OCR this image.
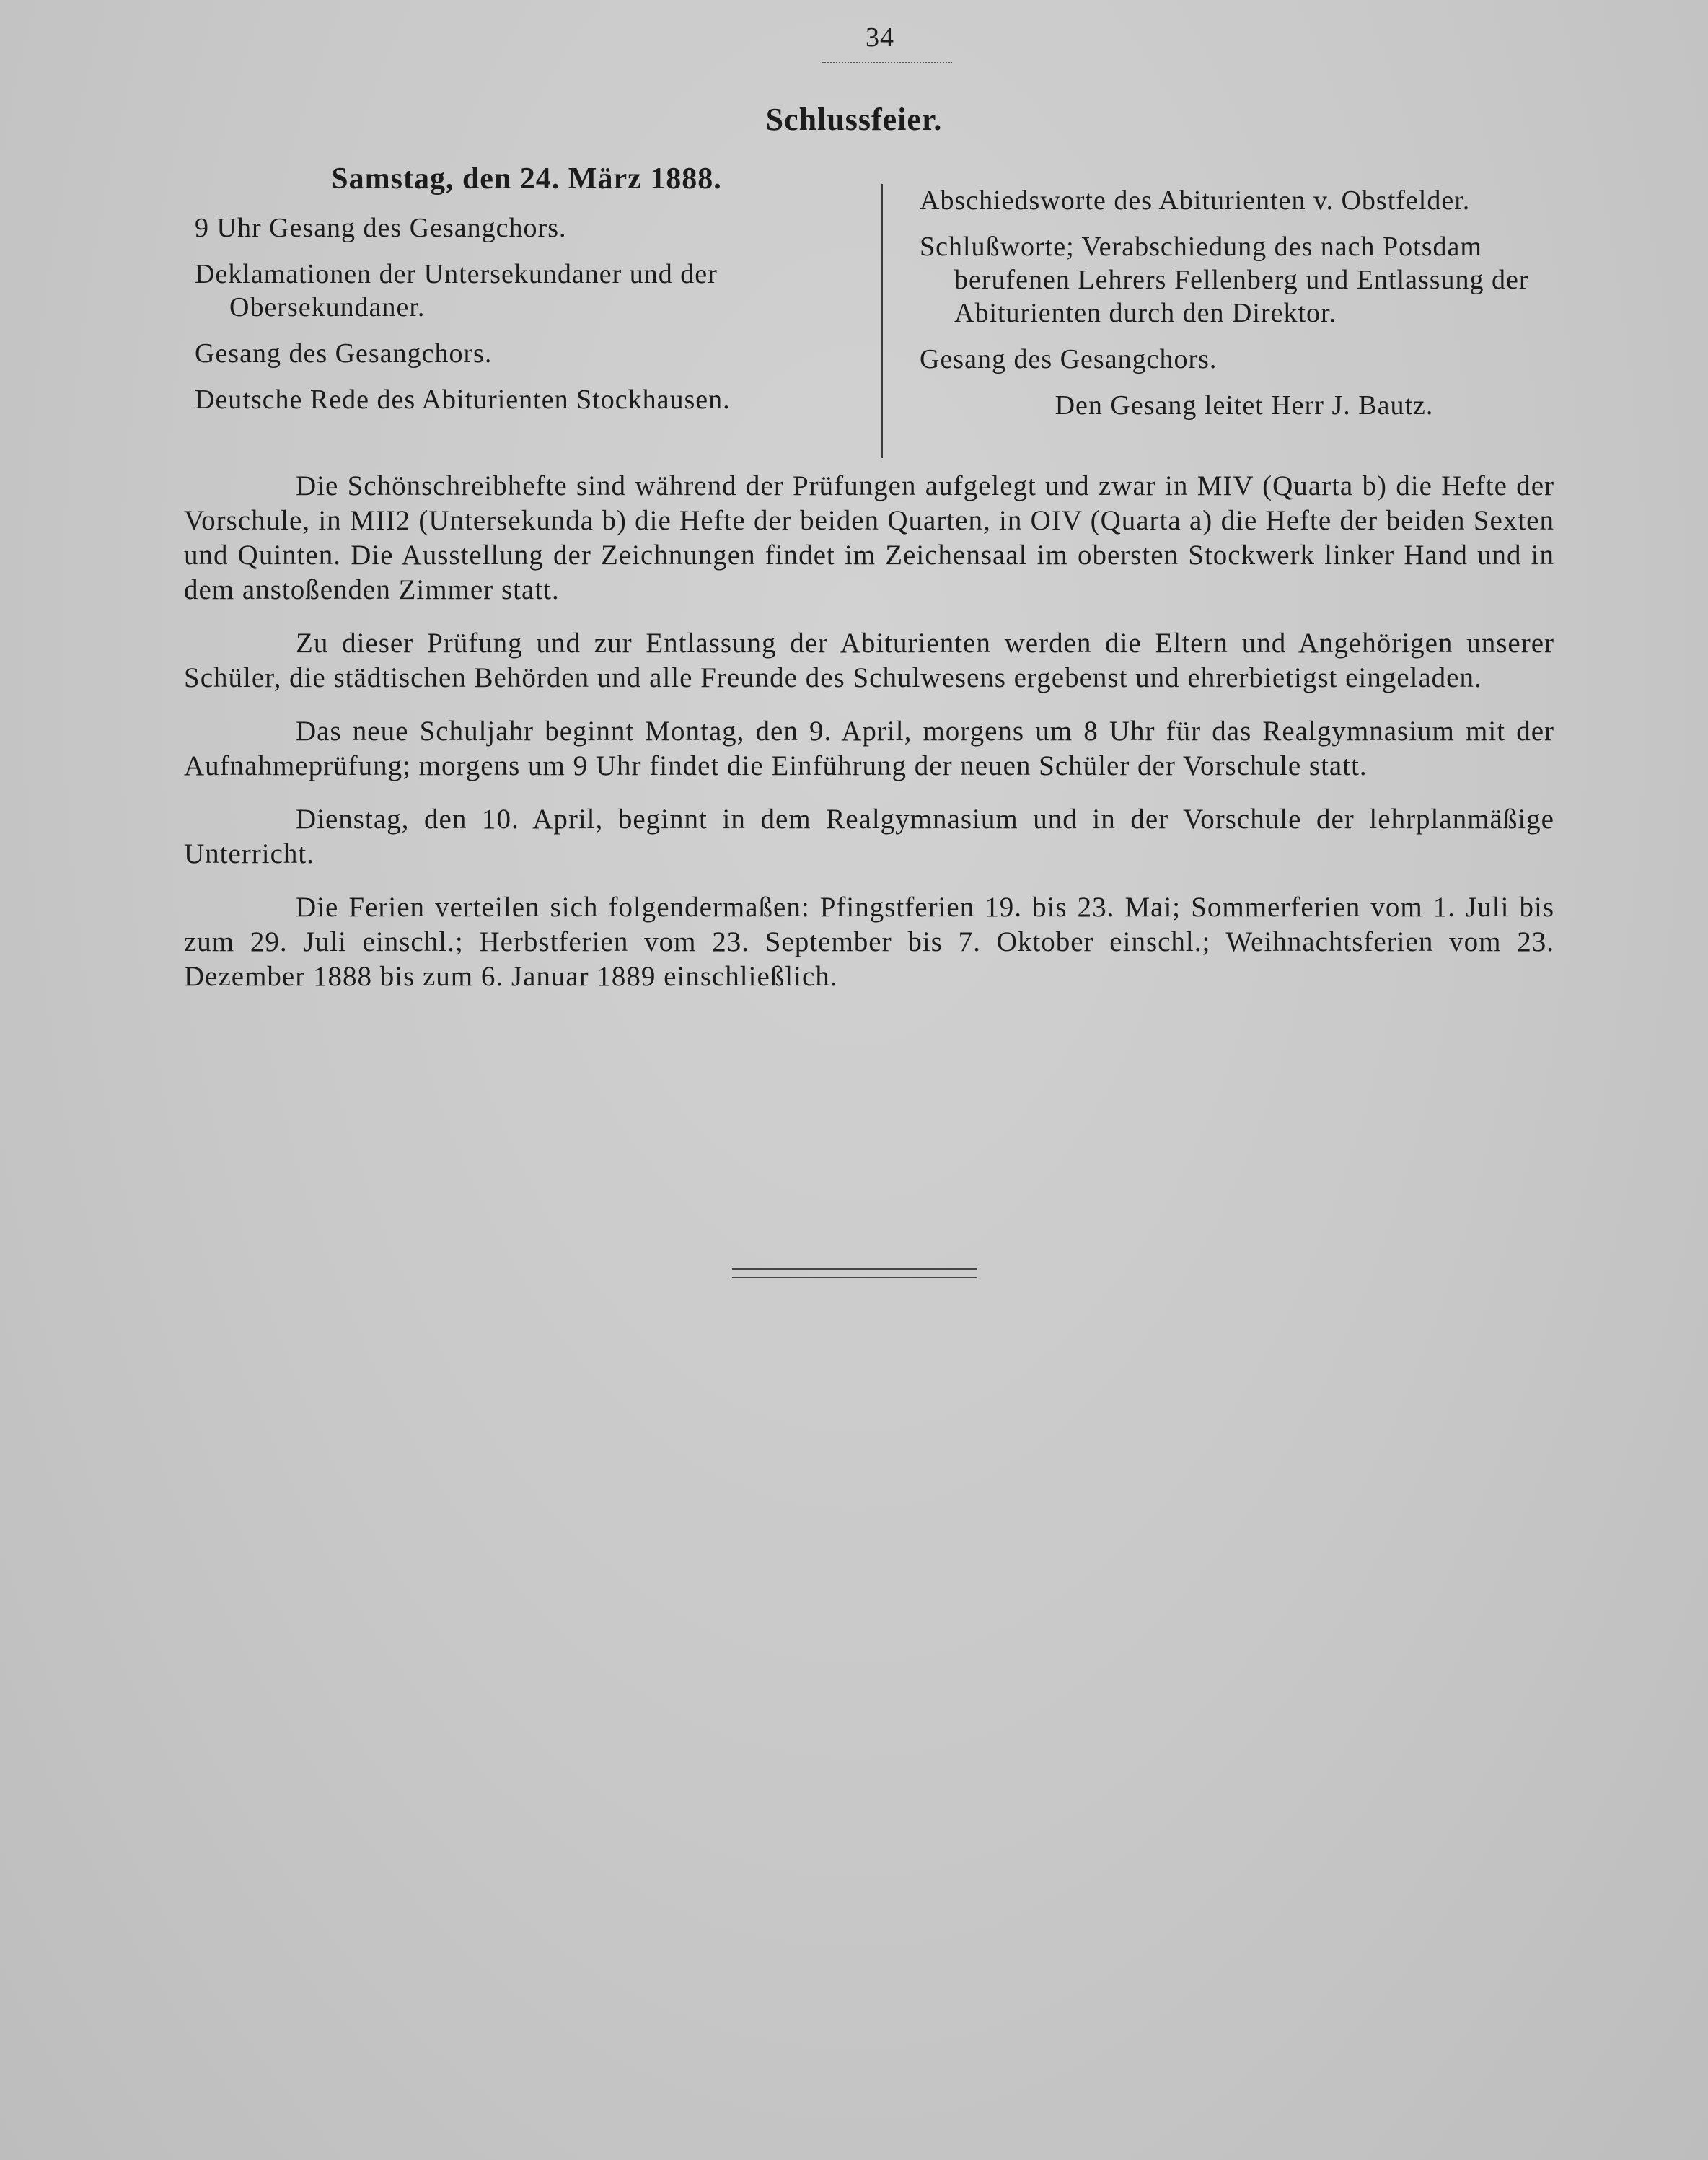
34
Schlussfeier.
Samstag, den 24. März 1888.
9 Uhr Gesang des Gesangchors.
Deklamationen der Untersekundaner und der Obersekundaner.
Gesang des Gesangchors.
Deutsche Rede des Abiturienten Stockhausen.
Abschiedsworte des Abiturienten v. Obstfelder.
Schlußworte; Verabschiedung des nach Potsdam berufenen Lehrers Fellenberg und Entlassung der Abiturienten durch den Direktor.
Gesang des Gesangchors.
Den Gesang leitet Herr J. Bautz.

Die Schönschreibhefte sind während der Prüfungen aufgelegt und zwar in MIV (Quarta b) die Hefte der Vorschule, in MII2 (Untersekunda b) die Hefte der beiden Quarten, in OIV (Quarta a) die Hefte der beiden Sexten und Quinten. Die Ausstellung der Zeichnungen findet im Zeichensaal im obersten Stockwerk linker Hand und in dem anstoßenden Zimmer statt.

Zu dieser Prüfung und zur Entlassung der Abiturienten werden die Eltern und Angehörigen unserer Schüler, die städtischen Behörden und alle Freunde des Schulwesens ergebenst und ehrerbietigst eingeladen.

Das neue Schuljahr beginnt Montag, den 9. April, morgens um 8 Uhr für das Realgymnasium mit der Aufnahmeprüfung; morgens um 9 Uhr findet die Einführung der neuen Schüler der Vorschule statt.

Dienstag, den 10. April, beginnt in dem Realgymnasium und in der Vorschule der lehrplanmäßige Unterricht.

Die Ferien verteilen sich folgendermaßen: Pfingstferien 19. bis 23. Mai; Sommerferien vom 1. Juli bis zum 29. Juli einschl.; Herbstferien vom 23. September bis 7. Oktober einschl.; Weihnachtsferien vom 23. Dezember 1888 bis zum 6. Januar 1889 einschließlich.
